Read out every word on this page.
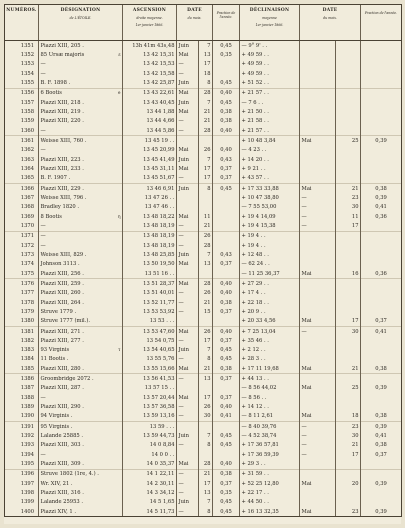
NUMÉROS.	DÉSIGNATION
de L'ÉTOILE.	ASCENSION
droite moyenne.
1er janvier 1866.	DATE
du mois.		Fraction de l'année.	DÉCLINAISON
moyenne
1er janvier 1866.	DATE
du mois.		Fraction de l'année.

1351	Piazzi XIII, 205 .	13h 41m 43s,48	Juin	7	0,45	— 9° 9' . .			
1352	85 Ursæ majoris ε	13 42 15,31	Mai	13	0,35	+ 49 59 . .			
1353	—	13 42 15,53	—	17		+ 49 59 . .			
1354	—	13 42 15,58	—	18		+ 49 59 . .			
1355	B. F. 1898 .	13 42 25,87	Juin	8	0,45	+ 51 52 . .			
1356	6 Bootis e	13 43 22,61	Mai	28	0,40	+ 21 57 . .			
1357	Piazzi XIII, 218 .	13 43 40,45	Juin	7	0,45	— 7 6 . .			
1358	Piazzi XIII, 219 .	13 44 1,88	Mai	21	0,38	+ 21 50 . .			
1359	Piazzi XIII, 220 .	13 44 4,66	—	21	0,38	+ 21 58 . .			
1360	—	13 44 5,86	—	28	0,40	+ 21 57 . .			
1361	Weisse XIII, 760 .	13 45 19 . .				+ 10 48 3,84	Mai	25	0,39
1362	—	13 45 20,99	Mai	26	0,40	— 4 23 . .			
1363	Piazzi XIII, 223 .	13 45 41,49	Juin	7	0,43	+ 14 20 . .			
1364	Piazzi XIII, 233 .	13 45 31,11	Mai	17	0,37	+ 9 21 . .			
1365	B. F. 1907 .	13 45 51,67	—	17	0,37	+ 43 57 . .			
1366	Piazzi XIII, 229 .	13 46 6,91	Juin	8	0,45	+ 17 33 33,88	Mai	21	0,38
1367	Weisse XIII, 796 .	13 47 26 . .				+ 10 47 38,80	—	23	0,39
1368	Bradley 1820 .	13 47 46 . .				— 7 55 53,00	—	30	0,41
1369	8 Bootis η	13 48 18,22	Mai	11		+ 19 4 14,09	—	11	0,36
1370	—	13 48 18,19	—	21		+ 19 4 15,38	—	17	
1371	—	13 48 18,19	—	26		+ 19 4 . .			
1372	—	13 48 18,19	—	28		+ 19 4 . .			
1373	Weisse XIII, 829 .	13 48 25,85	Juin	7	0,43	+ 12 48 . .			
1374	Johnson 3113 .	13 50 19,50	Mai	13	0,37	— 62 24 . .			
1375	Piazzi XIII, 256 .	13 51 16 . .				— 11 25 36,37	Mai	16	0,36
1376	Piazzi XIII, 259 .	13 51 28,37	Mai	28	0,40	+ 27 29 . .			
1377	Piazzi XIII, 260 .	13 51 40,01	—	26	0,40	+ 17 4 . .			
1378	Piazzi XIII, 264 .	13 52 11,77	—	21	0,38	+ 22 18 . .			
1379	Struve 1779 .	13 53 53,92	—	15	0,37	+ 20 9 . .			
1380	Struve 1777 (mil.).	13 53 . . .				+ 20 33 4,56	Mai	17	0,37
1381	Piazzi XIII, 271 .	13 53 47,60	Mai	26	0,40	+ 7 25 13,04	—	30	0,41
1382	Piazzi XIII, 277 .	13 54 0,75	—	17	0,37	+ 35 46 . .			
1383	93 Virginis τ	13 54 40,65	Juin	7	0,45	+ 2 12 . .			
1384	11 Bootis .	13 55 5,76	—	8	0,45	+ 28 3 . .			
1385	Piazzi XIII, 280 .	13 55 15,66	Mai	21	0,38	+ 17 11 19,68	Mai	21	0,38
1386	Groombridge 2072 .	13 56 41,53	—	13	0,37	+ 44 13 . .			
1387	Piazzi XIII, 287 .	13 57 15 . .				— 8 56 44,02	Mai	25	0,39
1388	—	13 57 20,44	Mai	17	0,37	— 8 56 . .			
1389	Piazzi XIII, 290 .	13 57 36,58	—	26	0,40	+ 14 12 . .			
1390	94 Virginis .	13 59 13,16	—	30	0,41	— 8 11 2,61	Mai	18	0,38
1391	95 Virginis .	13 59 . . .				— 8 40 39,76	—	23	0,39
1392	Lalande 25885 .	13 59 44,73	Juin	7	0,45	— 4 52 38,74	—	30	0,41
1393	Piazzi XIII, 303 .	14 0 8,84	—	8	0,45	+ 17 36 57,81	—	21	0,38
1394	—	14 0 0 . .				+ 17 36 59,39	—	17	0,37
1395	Piazzi XIII, 309 .	14 0 35,37	Mai	28	0,40	+ 29 3 . .			
1396	Struve 1802 (1re, 4.) .	14 1 22,11	—	21	0,38	+ 31 59 . .			
1397	Wr. XIV, 21 .	14 2 30,11	—	17	0,37	+ 52 25 12,80	Mai	20	0,39
1398	Piazzi XIII, 316 .	14 3 34,12	—	13	0,35	+ 22 17 . .			
1399	Lalande 25953 .	14 5 1,65	Juin	7	0,45	+ 44 50 . .			
1400	Piazzi XIV, 1 .	14 5 11,73	—	8	0,45	+ 16 13 32,35	Mai	23	0,39
